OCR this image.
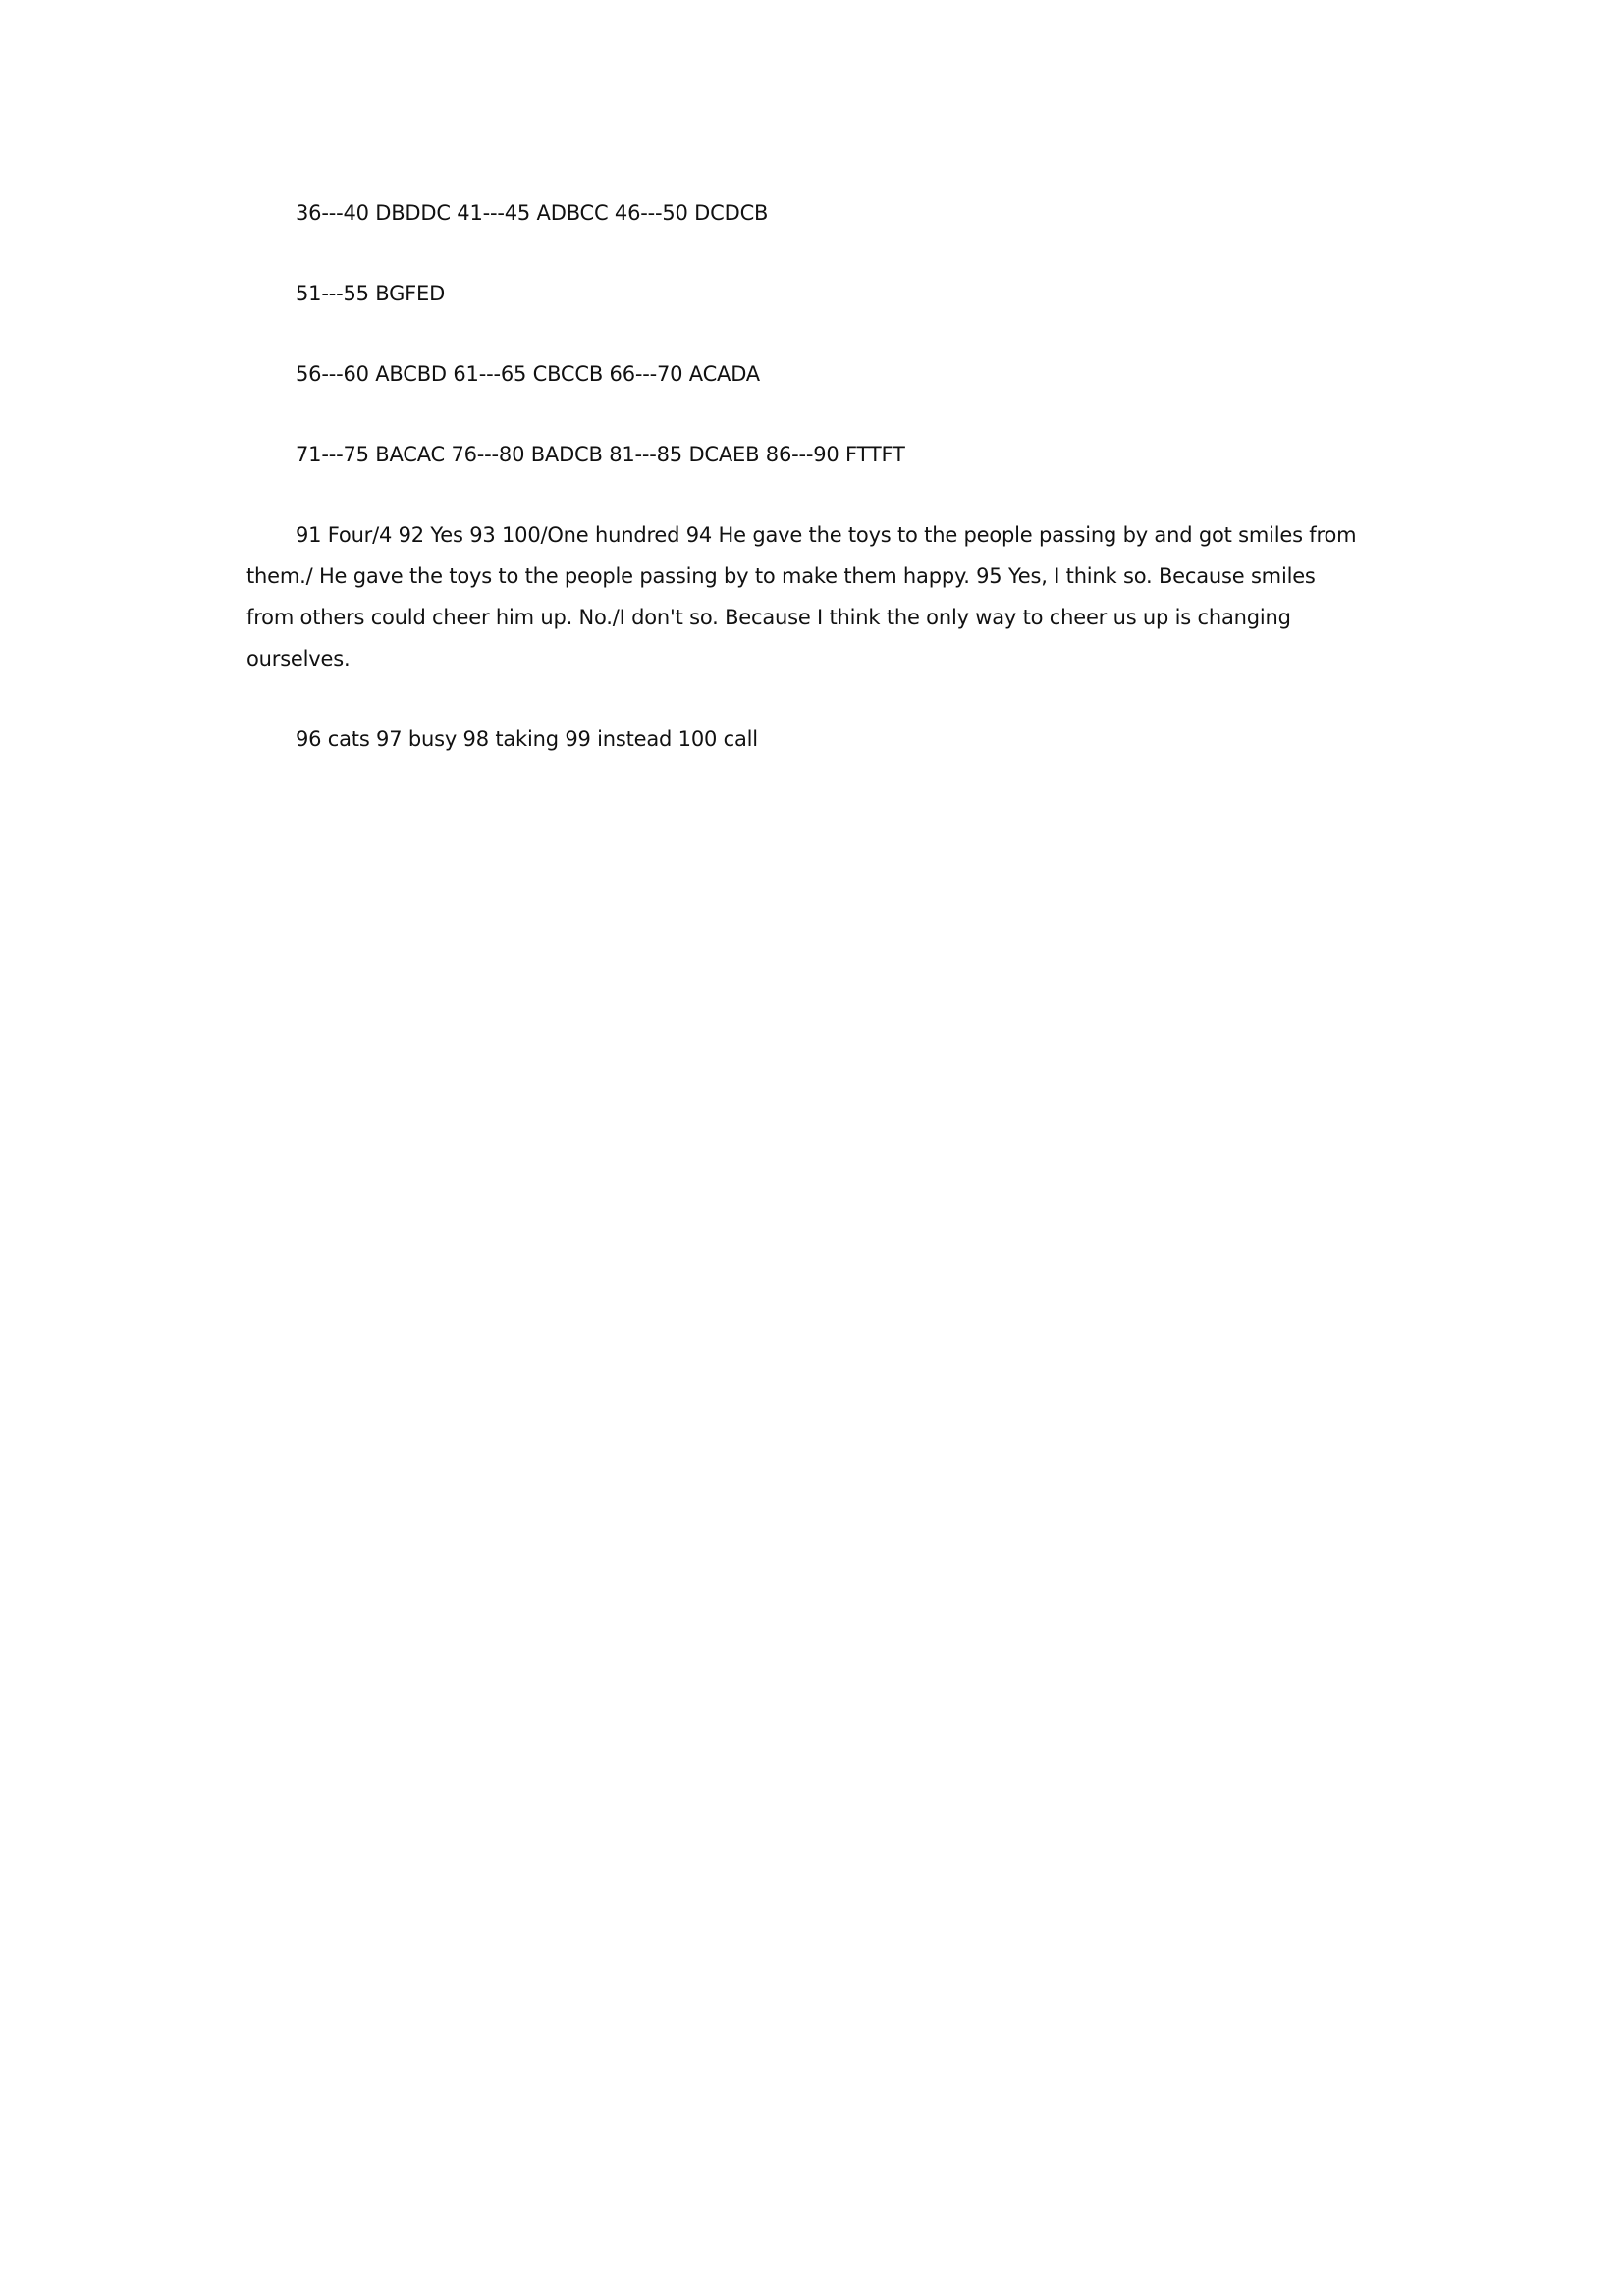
36---40 DBDDC 41---45 ADBCC 46---50 DCDCB

51---55 BGFED

56---60 ABCBD 61---65 CBCCB 66---70 ACADA

71---75 BACAC 76---80 BADCB 81---85 DCAEB 86---90 FTTFT

91 Four/4 92 Yes 93 100/One hundred 94 He gave the toys to the people passing by and got smiles from them./ He gave the toys to the people passing by to make them happy. 95 Yes, I think so. Because smiles from others could cheer him up. No./I don't so. Because I think the only way to cheer us up is changing ourselves.

96 cats 97 busy 98 taking 99 instead 100 call
